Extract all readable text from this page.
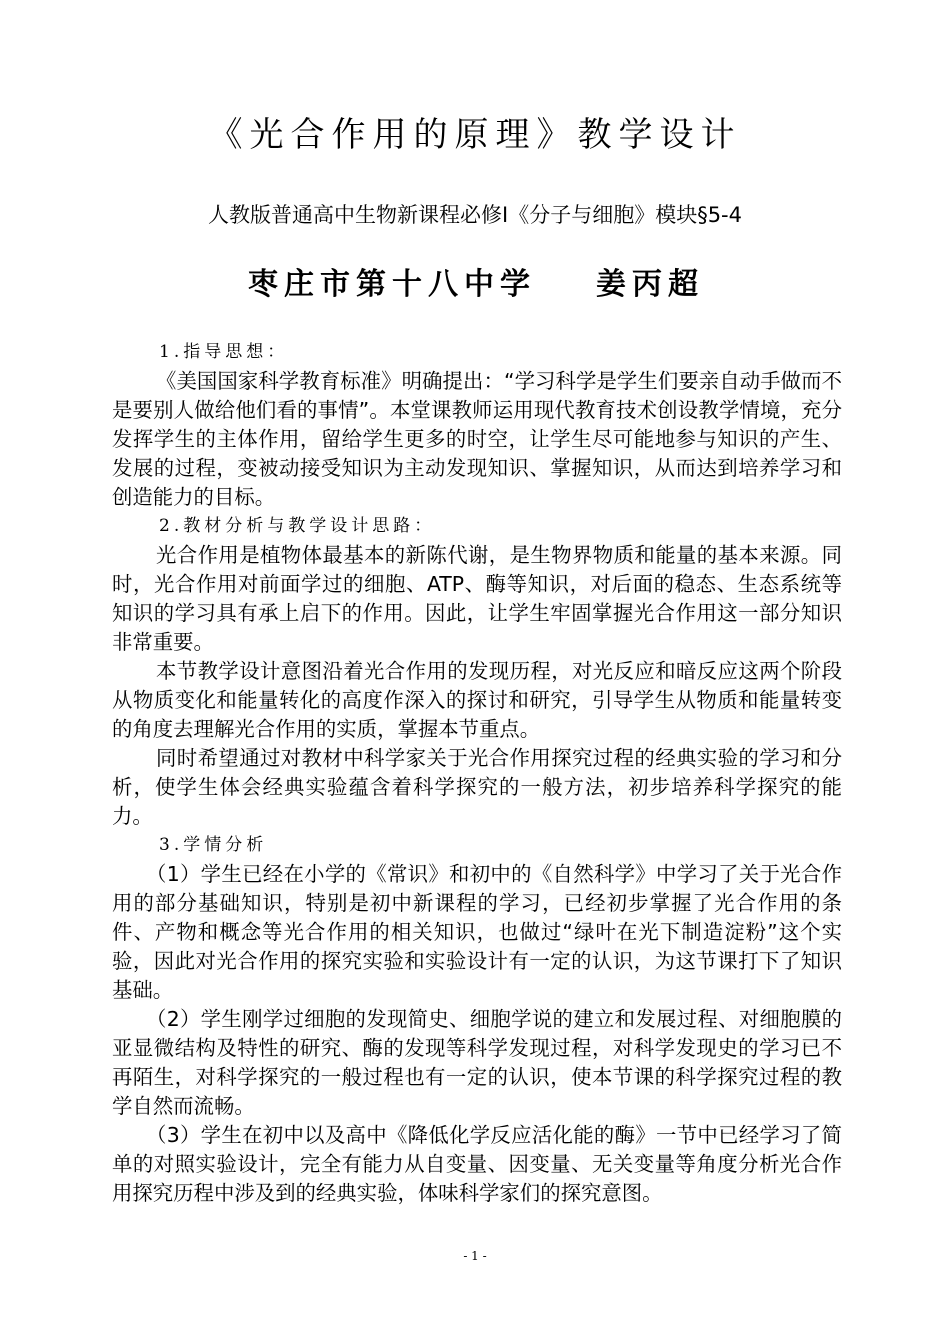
《光合作用的原理》教学设计
人教版普通高中生物新课程必修Ⅰ《分子与细胞》模块§5-4
枣庄市第十八中学 姜丙超

1.指导思想：

《美国国家科学教育标准》明确提出：“学习科学是学生们要亲自动手做而不是要别人做给他们看的事情”。本堂课教师运用现代教育技术创设教学情境，充分发挥学生的主体作用，留给学生更多的时空，让学生尽可能地参与知识的产生、发展的过程，变被动接受知识为主动发现知识、掌握知识，从而达到培养学习和创造能力的目标。

2.教材分析与教学设计思路：

光合作用是植物体最基本的新陈代谢，是生物界物质和能量的基本来源。同时，光合作用对前面学过的细胞、ATP、酶等知识，对后面的稳态、生态系统等知识的学习具有承上启下的作用。因此，让学生牢固掌握光合作用这一部分知识非常重要。

本节教学设计意图沿着光合作用的发现历程，对光反应和暗反应这两个阶段从物质变化和能量转化的高度作深入的探讨和研究，引导学生从物质和能量转变的角度去理解光合作用的实质，掌握本节重点。

同时希望通过对教材中科学家关于光合作用探究过程的经典实验的学习和分析，使学生体会经典实验蕴含着科学探究的一般方法，初步培养科学探究的能力。

3.学情分析

（1）学生已经在小学的《常识》和初中的《自然科学》中学习了关于光合作用的部分基础知识，特别是初中新课程的学习，已经初步掌握了光合作用的条件、产物和概念等光合作用的相关知识，也做过“绿叶在光下制造淀粉”这个实验，因此对光合作用的探究实验和实验设计有一定的认识，为这节课打下了知识基础。

（2）学生刚学过细胞的发现简史、细胞学说的建立和发展过程、对细胞膜的亚显微结构及特性的研究、酶的发现等科学发现过程，对科学发现史的学习已不再陌生，对科学探究的一般过程也有一定的认识，使本节课的科学探究过程的教学自然而流畅。

（3）学生在初中以及高中《降低化学反应活化能的酶》一节中已经学习了简单的对照实验设计，完全有能力从自变量、因变量、无关变量等角度分析光合作用探究历程中涉及到的经典实验，体味科学家们的探究意图。

- 1 -
